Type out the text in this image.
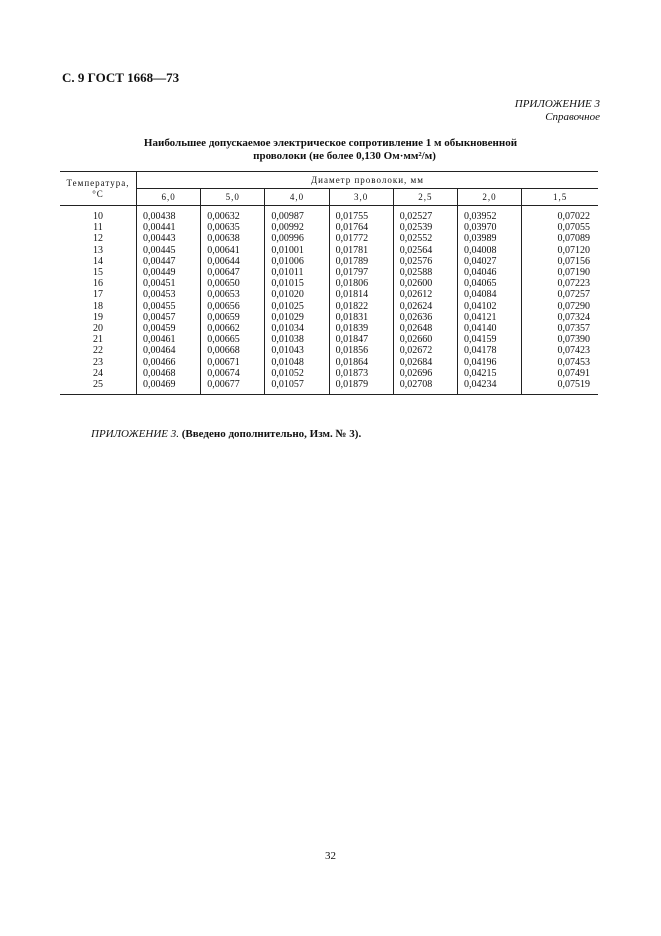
С. 9 ГОСТ 1668—73
ПРИЛОЖЕНИЕ 3
Справочное
Наибольшее допускаемое электрическое сопротивление 1 м обыкновенной
проволоки (не более 0,130 Ом·мм²/м)
Температура, °С	Диаметр проволоки, мм						
	6,0	5,0	4,0	3,0	2,5	2,0	1,5
10	0,00438	0,00632	0,00987	0,01755	0,02527	0,03952	0,07022
11	0,00441	0,00635	0,00992	0,01764	0,02539	0,03970	0,07055
12	0,00443	0,00638	0,00996	0,01772	0,02552	0,03989	0,07089
13	0,00445	0,00641	0,01001	0,01781	0,02564	0,04008	0,07120
14	0,00447	0,00644	0,01006	0,01789	0,02576	0,04027	0,07156
15	0,00449	0,00647	0,01011	0,01797	0,02588	0,04046	0,07190
16	0,00451	0,00650	0,01015	0,01806	0,02600	0,04065	0,07223
17	0,00453	0,00653	0,01020	0,01814	0,02612	0,04084	0,07257
18	0,00455	0,00656	0,01025	0,01822	0,02624	0,04102	0,07290
19	0,00457	0,00659	0,01029	0,01831	0,02636	0,04121	0,07324
20	0,00459	0,00662	0,01034	0,01839	0,02648	0,04140	0,07357
21	0,00461	0,00665	0,01038	0,01847	0,02660	0,04159	0,07390
22	0,00464	0,00668	0,01043	0,01856	0,02672	0,04178	0,07423
23	0,00466	0,00671	0,01048	0,01864	0,02684	0,04196	0,07453
24	0,00468	0,00674	0,01052	0,01873	0,02696	0,04215	0,07491
25	0,00469	0,00677	0,01057	0,01879	0,02708	0,04234	0,07519
ПРИЛОЖЕНИЕ 3. (Введено дополнительно, Изм. № 3).
32
